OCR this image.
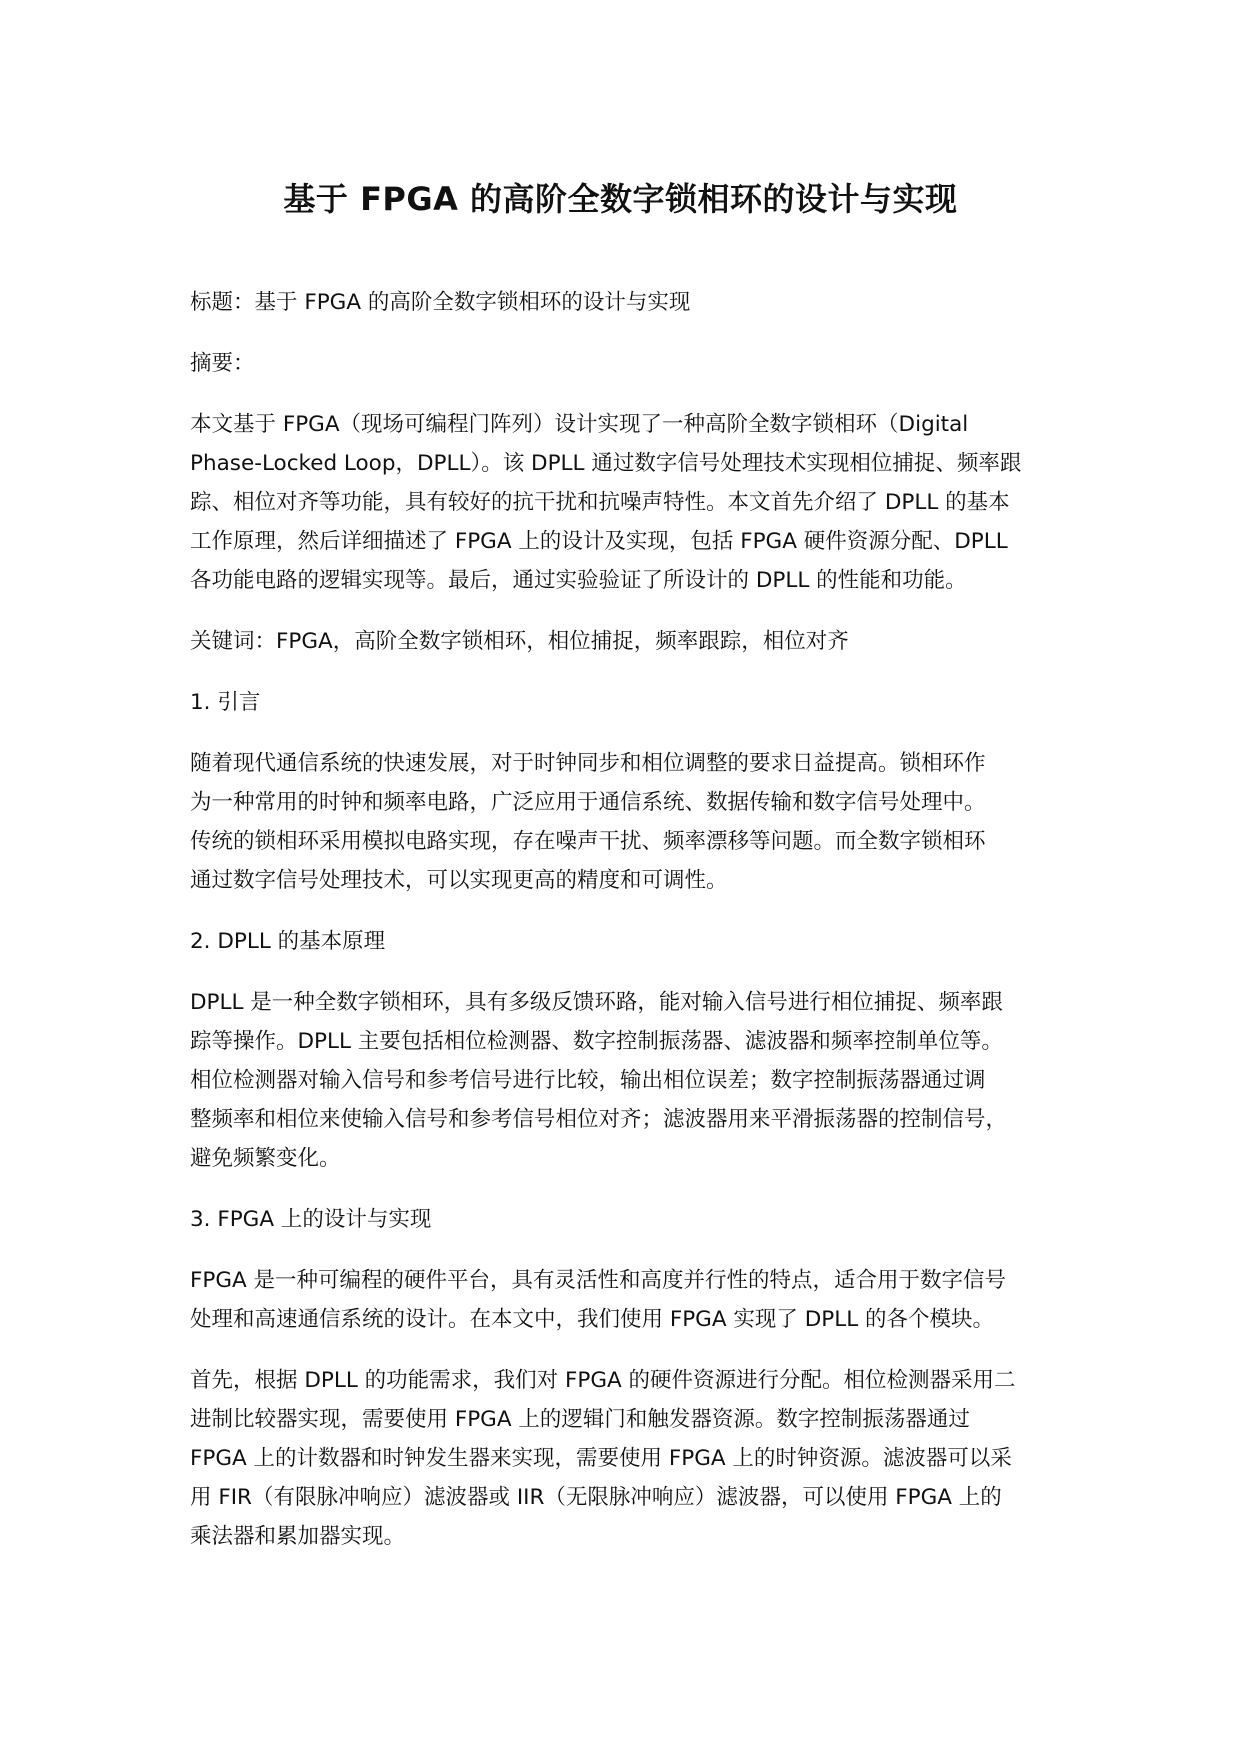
基于 FPGA 的高阶全数字锁相环的设计与实现

标题：基于 FPGA 的高阶全数字锁相环的设计与实现

摘要：

本文基于 FPGA（现场可编程门阵列）设计实现了一种高阶全数字锁相环（Digital

Phase-Locked Loop，DPLL）。该 DPLL 通过数字信号处理技术实现相位捕捉、频率跟

踪、相位对齐等功能，具有较好的抗干扰和抗噪声特性。本文首先介绍了 DPLL 的基本

工作原理，然后详细描述了 FPGA 上的设计及实现，包括 FPGA 硬件资源分配、DPLL

各功能电路的逻辑实现等。最后，通过实验验证了所设计的 DPLL 的性能和功能。

关键词：FPGA，高阶全数字锁相环，相位捕捉，频率跟踪，相位对齐

1. 引言

随着现代通信系统的快速发展，对于时钟同步和相位调整的要求日益提高。锁相环作

为一种常用的时钟和频率电路，广泛应用于通信系统、数据传输和数字信号处理中。

传统的锁相环采用模拟电路实现，存在噪声干扰、频率漂移等问题。而全数字锁相环

通过数字信号处理技术，可以实现更高的精度和可调性。

2. DPLL 的基本原理

DPLL 是一种全数字锁相环，具有多级反馈环路，能对输入信号进行相位捕捉、频率跟

踪等操作。DPLL 主要包括相位检测器、数字控制振荡器、滤波器和频率控制单位等。

相位检测器对输入信号和参考信号进行比较，输出相位误差；数字控制振荡器通过调

整频率和相位来使输入信号和参考信号相位对齐；滤波器用来平滑振荡器的控制信号，

避免频繁变化。

3. FPGA 上的设计与实现

FPGA 是一种可编程的硬件平台，具有灵活性和高度并行性的特点，适合用于数字信号

处理和高速通信系统的设计。在本文中，我们使用 FPGA 实现了 DPLL 的各个模块。

首先，根据 DPLL 的功能需求，我们对 FPGA 的硬件资源进行分配。相位检测器采用二

进制比较器实现，需要使用 FPGA 上的逻辑门和触发器资源。数字控制振荡器通过

FPGA 上的计数器和时钟发生器来实现，需要使用 FPGA 上的时钟资源。滤波器可以采

用 FIR（有限脉冲响应）滤波器或 IIR（无限脉冲响应）滤波器，可以使用 FPGA 上的

乘法器和累加器实现。
